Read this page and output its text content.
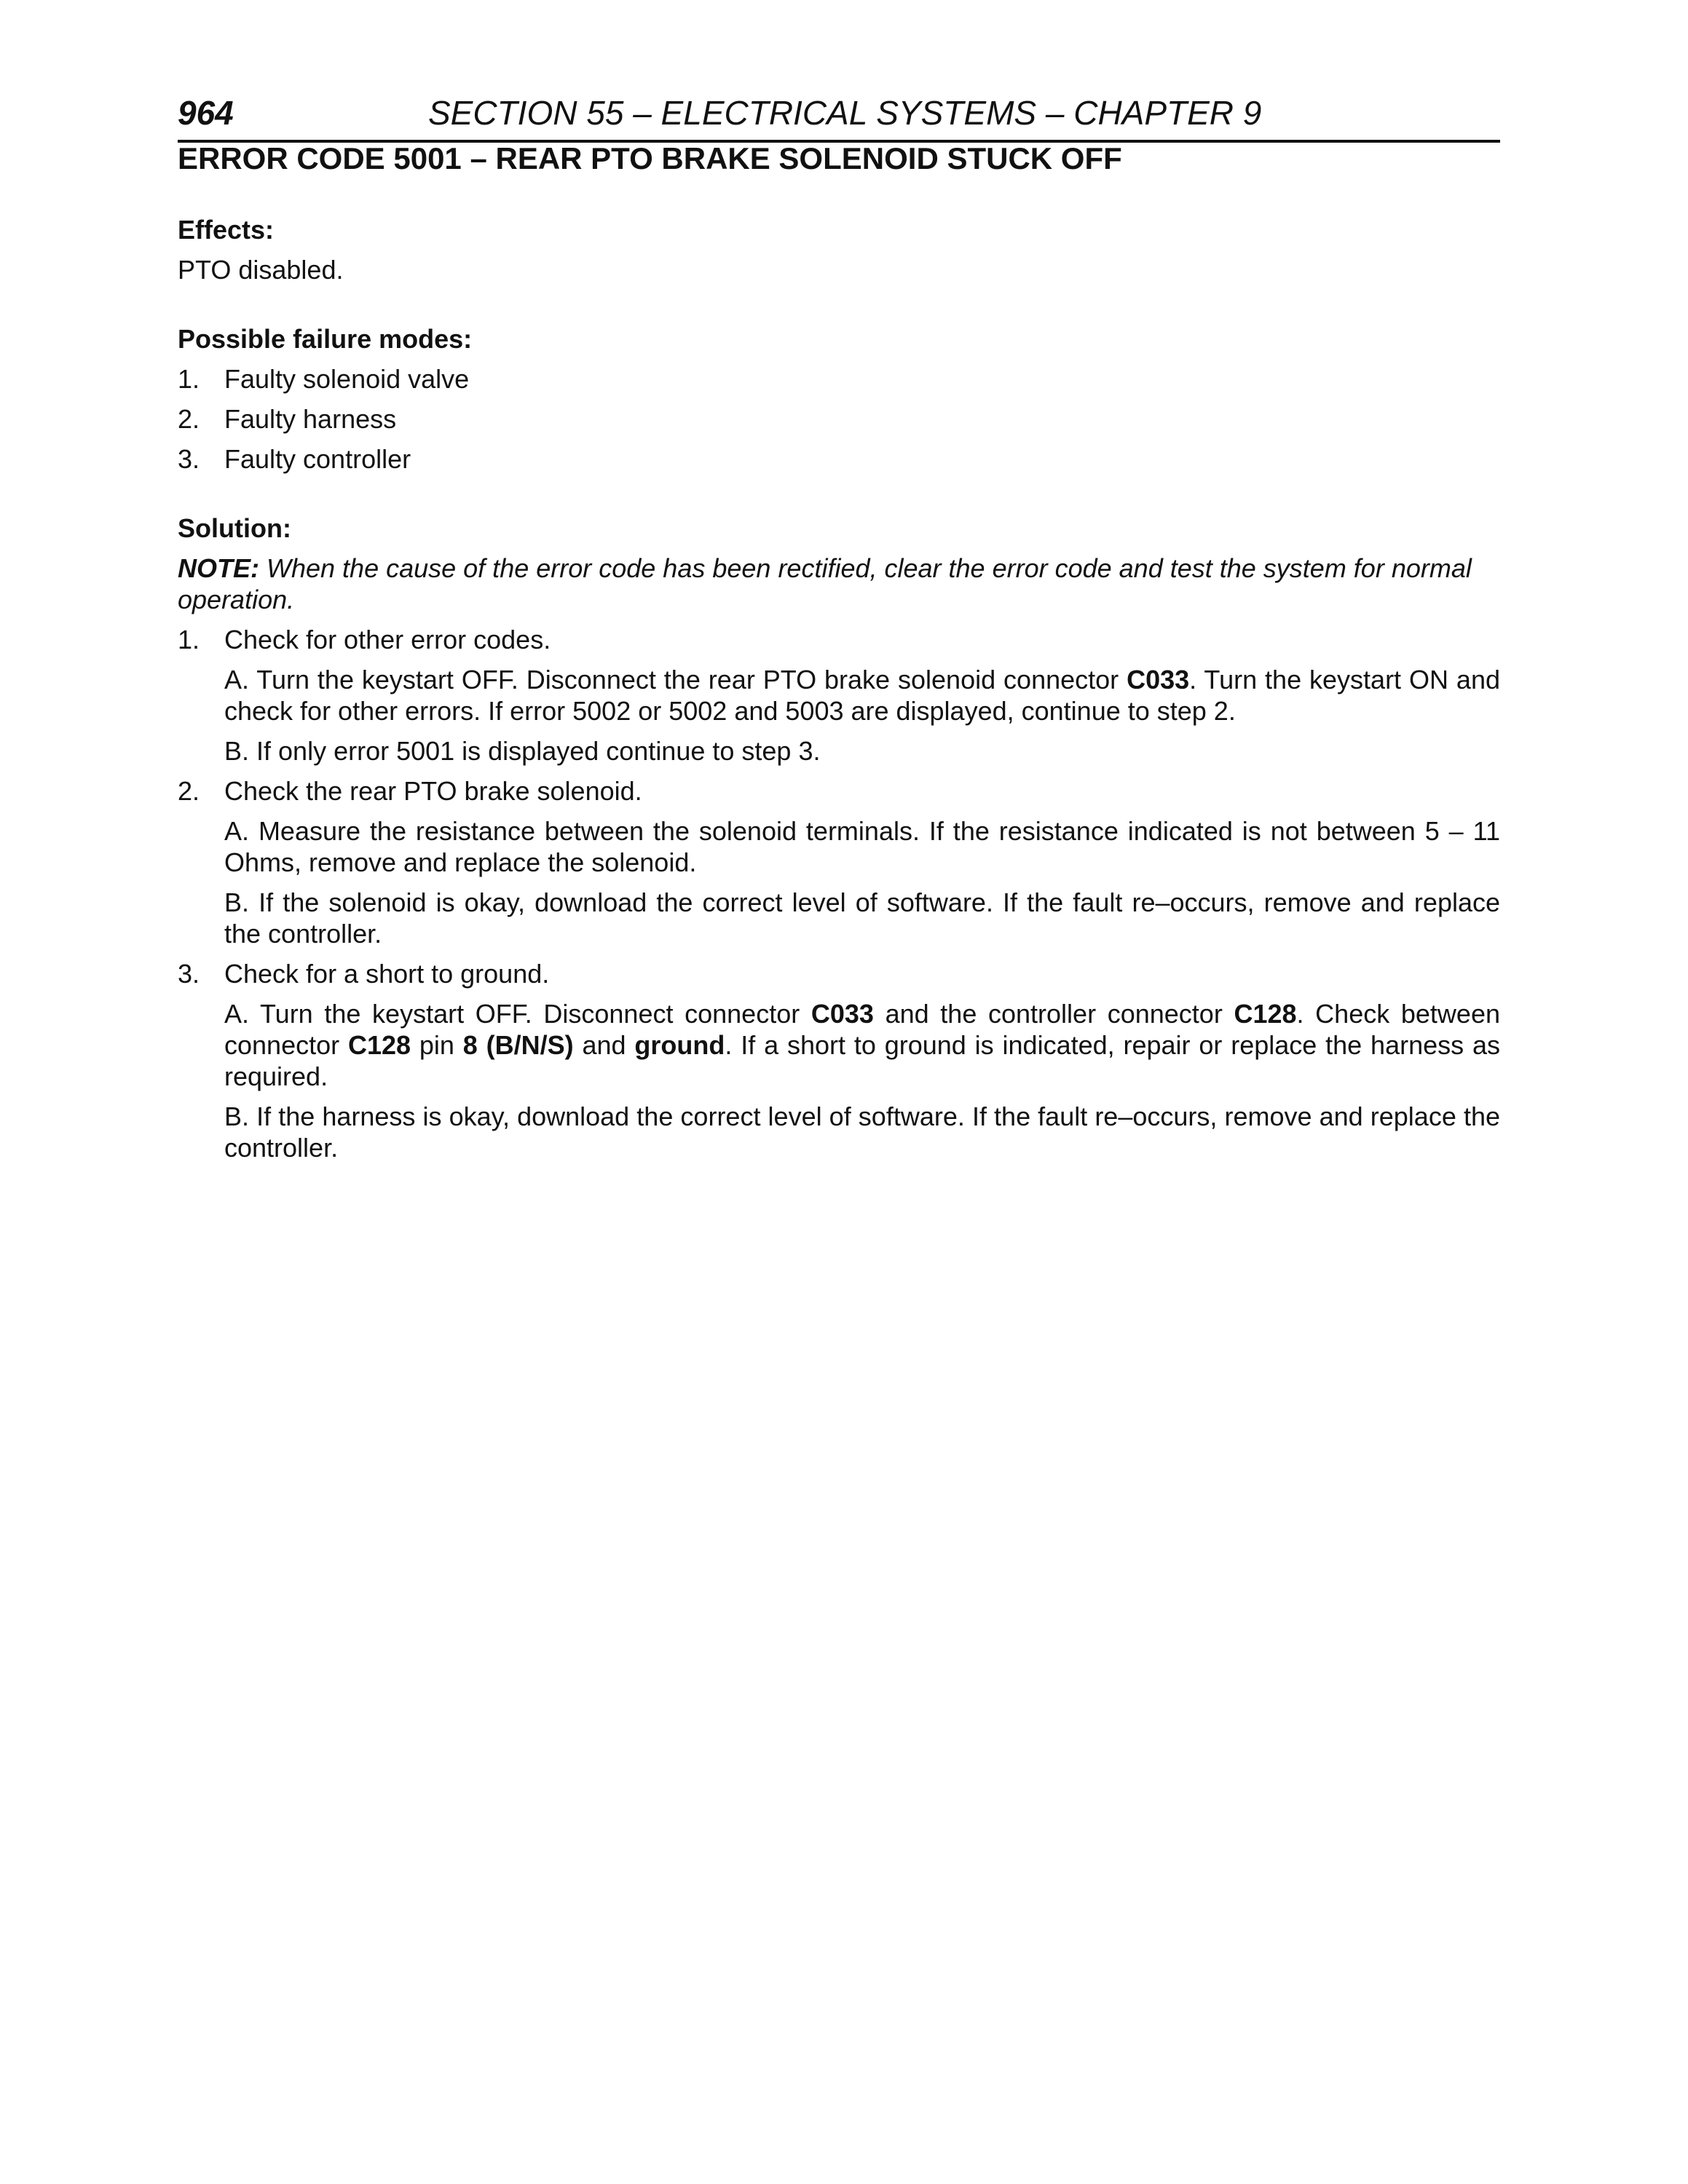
964	SECTION 55 – ELECTRICAL SYSTEMS – CHAPTER 9
ERROR CODE 5001 – REAR PTO BRAKE SOLENOID STUCK OFF

Effects:

PTO disabled.

Possible failure modes:

1. Faulty solenoid valve
2. Faulty harness
3. Faulty controller

Solution:

NOTE: When the cause of the error code has been rectified, clear the error code and test the system for normal operation.

1. Check for other error codes.

A. Turn the keystart OFF. Disconnect the rear PTO brake solenoid connector C033. Turn the keystart ON and check for other errors. If error 5002 or 5002 and 5003 are displayed, continue to step 2.

B. If only error 5001 is displayed continue to step 3.

2. Check the rear PTO brake solenoid.

A. Measure the resistance between the solenoid terminals. If the resistance indicated is not between 5 – 11 Ohms, remove and replace the solenoid.

B. If the solenoid is okay, download the correct level of software. If the fault re–occurs, remove and replace the controller.

3. Check for a short to ground.

A. Turn the keystart OFF. Disconnect connector C033 and the controller connector C128. Check between connector C128 pin 8 (B/N/S) and ground. If a short to ground is indicated, repair or replace the harness as required.

B. If the harness is okay, download the correct level of software. If the fault re–occurs, remove and replace the controller.
